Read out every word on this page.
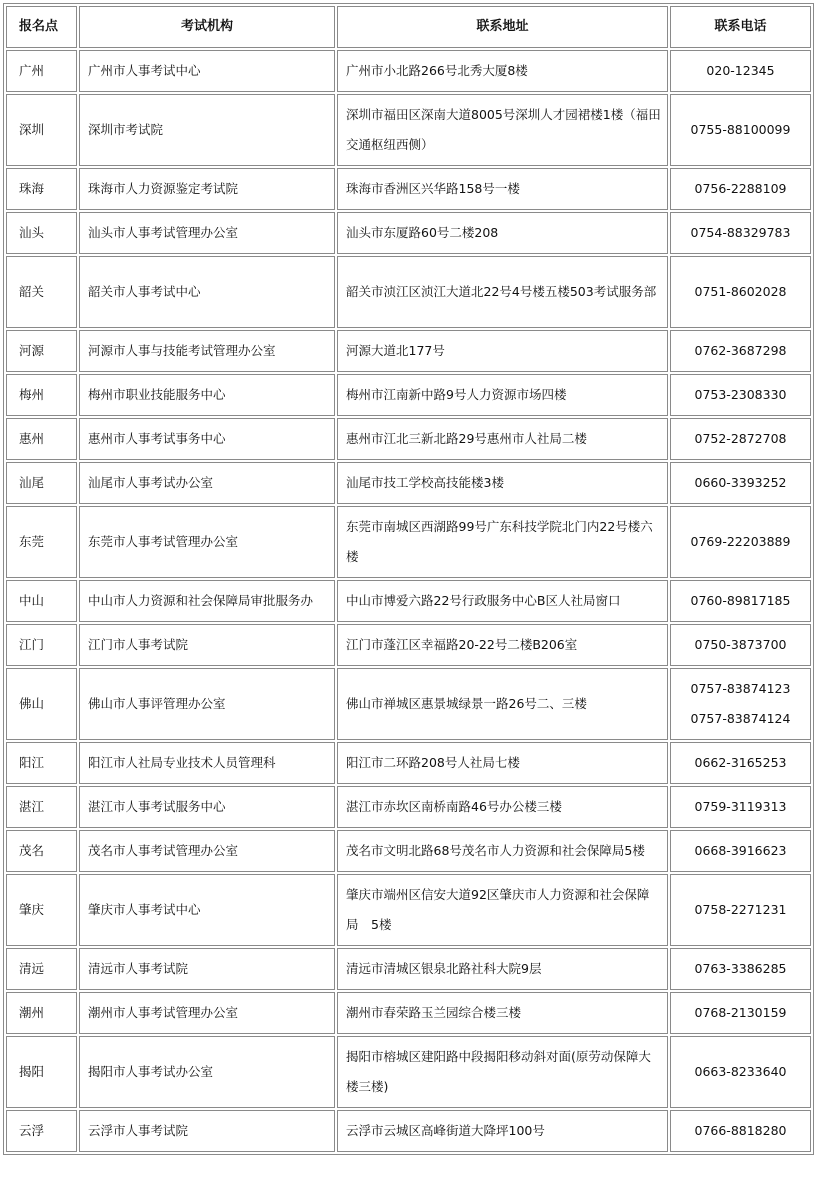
报名点	考试机构	联系地址	联系电话
广州	广州市人事考试中心	广州市小北路266号北秀大厦8楼	020-12345

深圳	深圳市考试院	深圳市福田区深南大道8005号深圳人才园裙楼1楼（福田交通枢纽西侧）	0755-88100099

珠海	珠海市人力资源鉴定考试院	珠海市香洲区兴华路158号一楼	0756-2288109

汕头	汕头市人事考试管理办公室	汕头市东厦路60号二楼208	0754-88329783

韶关	韶关市人事考试中心	韶关市浈江区浈江大道北22号4号楼五楼503考试服务部	0751-8602028

河源	河源市人事与技能考试管理办公室	河源大道北177号	0762-3687298

梅州	梅州市职业技能服务中心	梅州市江南新中路9号人力资源市场四楼	0753-2308330

惠州	惠州市人事考试事务中心	惠州市江北三新北路29号惠州市人社局二楼	0752-2872708

汕尾	汕尾市人事考试办公室	汕尾市技工学校高技能楼3楼	0660-3393252

东莞	东莞市人事考试管理办公室	东莞市南城区西湖路99号广东科技学院北门内22号楼六楼	0769-22203889

中山	中山市人力资源和社会保障局审批服务办	中山市博爱六路22号行政服务中心B区人社局窗口	0760-89817185

江门	江门市人事考试院	江门市蓬江区幸福路20-22号二楼B206室	0750-3873700

佛山	佛山市人事评管理办公室	佛山市禅城区惠景城绿景一路26号二、三楼	0757-83874123
0757-83874124

阳江	阳江市人社局专业技术人员管理科	阳江市二环路208号人社局七楼	0662-3165253

湛江	湛江市人事考试服务中心	湛江市赤坎区南桥南路46号办公楼三楼	0759-3119313

茂名	茂名市人事考试管理办公室	茂名市文明北路68号茂名市人力资源和社会保障局5楼	0668-3916623

肇庆	肇庆市人事考试中心	肇庆市端州区信安大道92区肇庆市人力资源和社会保障局　5楼	0758-2271231

清远	清远市人事考试院	清远市清城区银泉北路社科大院9层	0763-3386285

潮州	潮州市人事考试管理办公室	潮州市春荣路玉兰园综合楼三楼	0768-2130159

揭阳	揭阳市人事考试办公室	揭阳市榕城区建阳路中段揭阳移动斜对面(原劳动保障大楼三楼)	0663-8233640

云浮	云浮市人事考试院	云浮市云城区高峰街道大降坪100号	0766-8818280
